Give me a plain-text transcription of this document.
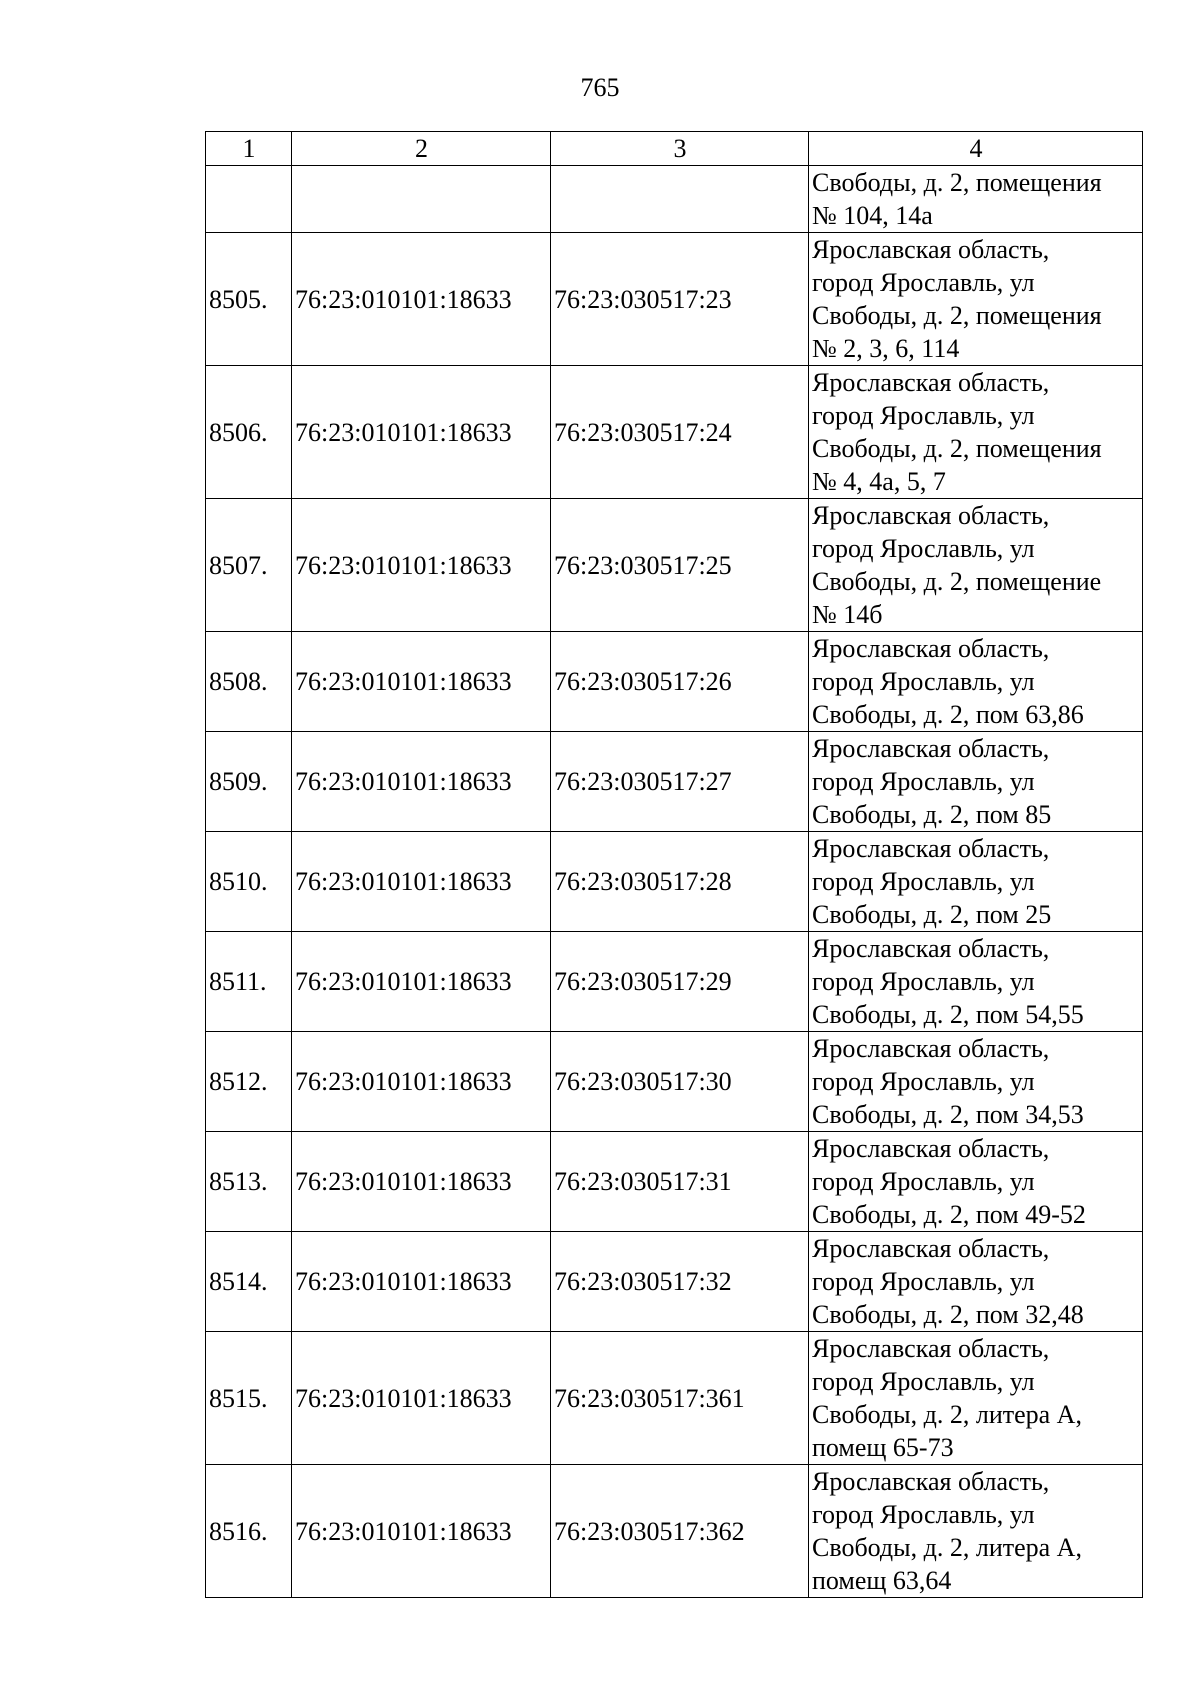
765
1	2	3	4

			Свободы, д. 2, помещения
№ 104, 14а

8505.	76:23:010101:18633	76:23:030517:23	Ярославская область,
город Ярославль, ул
Свободы, д. 2, помещения
№ 2, 3, 6, 114

8506.	76:23:010101:18633	76:23:030517:24	Ярославская область,
город Ярославль, ул
Свободы, д. 2, помещения
№ 4, 4а, 5, 7

8507.	76:23:010101:18633	76:23:030517:25	Ярославская область,
город Ярославль, ул
Свободы, д. 2, помещение
№ 14б

8508.	76:23:010101:18633	76:23:030517:26	Ярославская область,
город Ярославль, ул
Свободы, д. 2, пом 63,86

8509.	76:23:010101:18633	76:23:030517:27	Ярославская область,
город Ярославль, ул
Свободы, д. 2, пом 85

8510.	76:23:010101:18633	76:23:030517:28	Ярославская область,
город Ярославль, ул
Свободы, д. 2, пом 25

8511.	76:23:010101:18633	76:23:030517:29	Ярославская область,
город Ярославль, ул
Свободы, д. 2, пом 54,55

8512.	76:23:010101:18633	76:23:030517:30	Ярославская область,
город Ярославль, ул
Свободы, д. 2, пом 34,53

8513.	76:23:010101:18633	76:23:030517:31	Ярославская область,
город Ярославль, ул
Свободы, д. 2, пом 49-52

8514.	76:23:010101:18633	76:23:030517:32	Ярославская область,
город Ярославль, ул
Свободы, д. 2, пом 32,48

8515.	76:23:010101:18633	76:23:030517:361	Ярославская область,
город Ярославль, ул
Свободы, д. 2, литера А,
помещ 65-73

8516.	76:23:010101:18633	76:23:030517:362	Ярославская область,
город Ярославль, ул
Свободы, д. 2, литера А,
помещ 63,64
